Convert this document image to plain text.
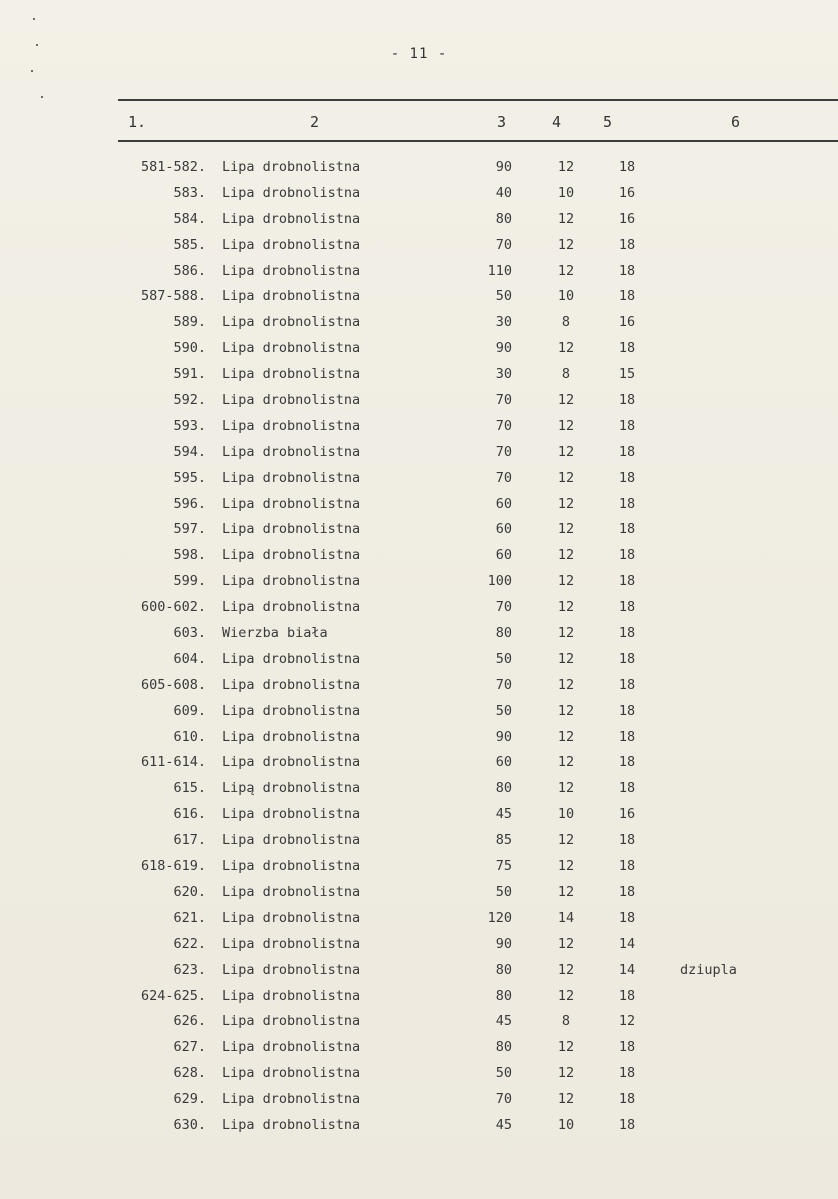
- 11 -
1.	2	3	4	5	6
581-582. Lipa drobnolistna	90	12	18
583. Lipa drobnolistna	40	10	16
584. Lipa drobnolistna	80	12	16
585. Lipa drobnolistna	70	12	18
586. Lipa drobnolistna	110	12	18
587-588. Lipa drobnolistna	50	10	18
589. Lipa drobnolistna	30	8	16
590. Lipa drobnolistna	90	12	18
591. Lipa drobnolistna	30	8	15
592. Lipa drobnolistna	70	12	18
593. Lipa drobnolistna	70	12	18
594. Lipa drobnolistna	70	12	18
595. Lipa drobnolistna	70	12	18
596. Lipa drobnolistna	60	12	18
597. Lipa drobnolistna	60	12	18
598. Lipa drobnolistna	60	12	18
599. Lipa drobnolistna	100	12	18
600-602. Lipa drobnolistna	70	12	18
603. Wierzba biała	80	12	18
604. Lipa drobnolistna	50	12	18
605-608. Lipa drobnolistna	70	12	18
609. Lipa drobnolistna	50	12	18
610. Lipa drobnolistna	90	12	18
611-614. Lipa drobnolistna	60	12	18
615. Lipą drobnolistna	80	12	18
616. Lipa drobnolistna	45	10	16
617. Lipa drobnolistna	85	12	18
618-619. Lipa drobnolistna	75	12	18
620. Lipa drobnolistna	50	12	18
621. Lipa drobnolistna	120	14	18
622. Lipa drobnolistna	90	12	14
623. Lipa drobnolistna	80	12	14	dziupla
624-625. Lipa drobnolistna	80	12	18
626. Lipa drobnolistna	45	8	12
627. Lipa drobnolistna	80	12	18
628. Lipa drobnolistna	50	12	18
629. Lipa drobnolistna	70	12	18
630. Lipa drobnolistna	45	10	18
